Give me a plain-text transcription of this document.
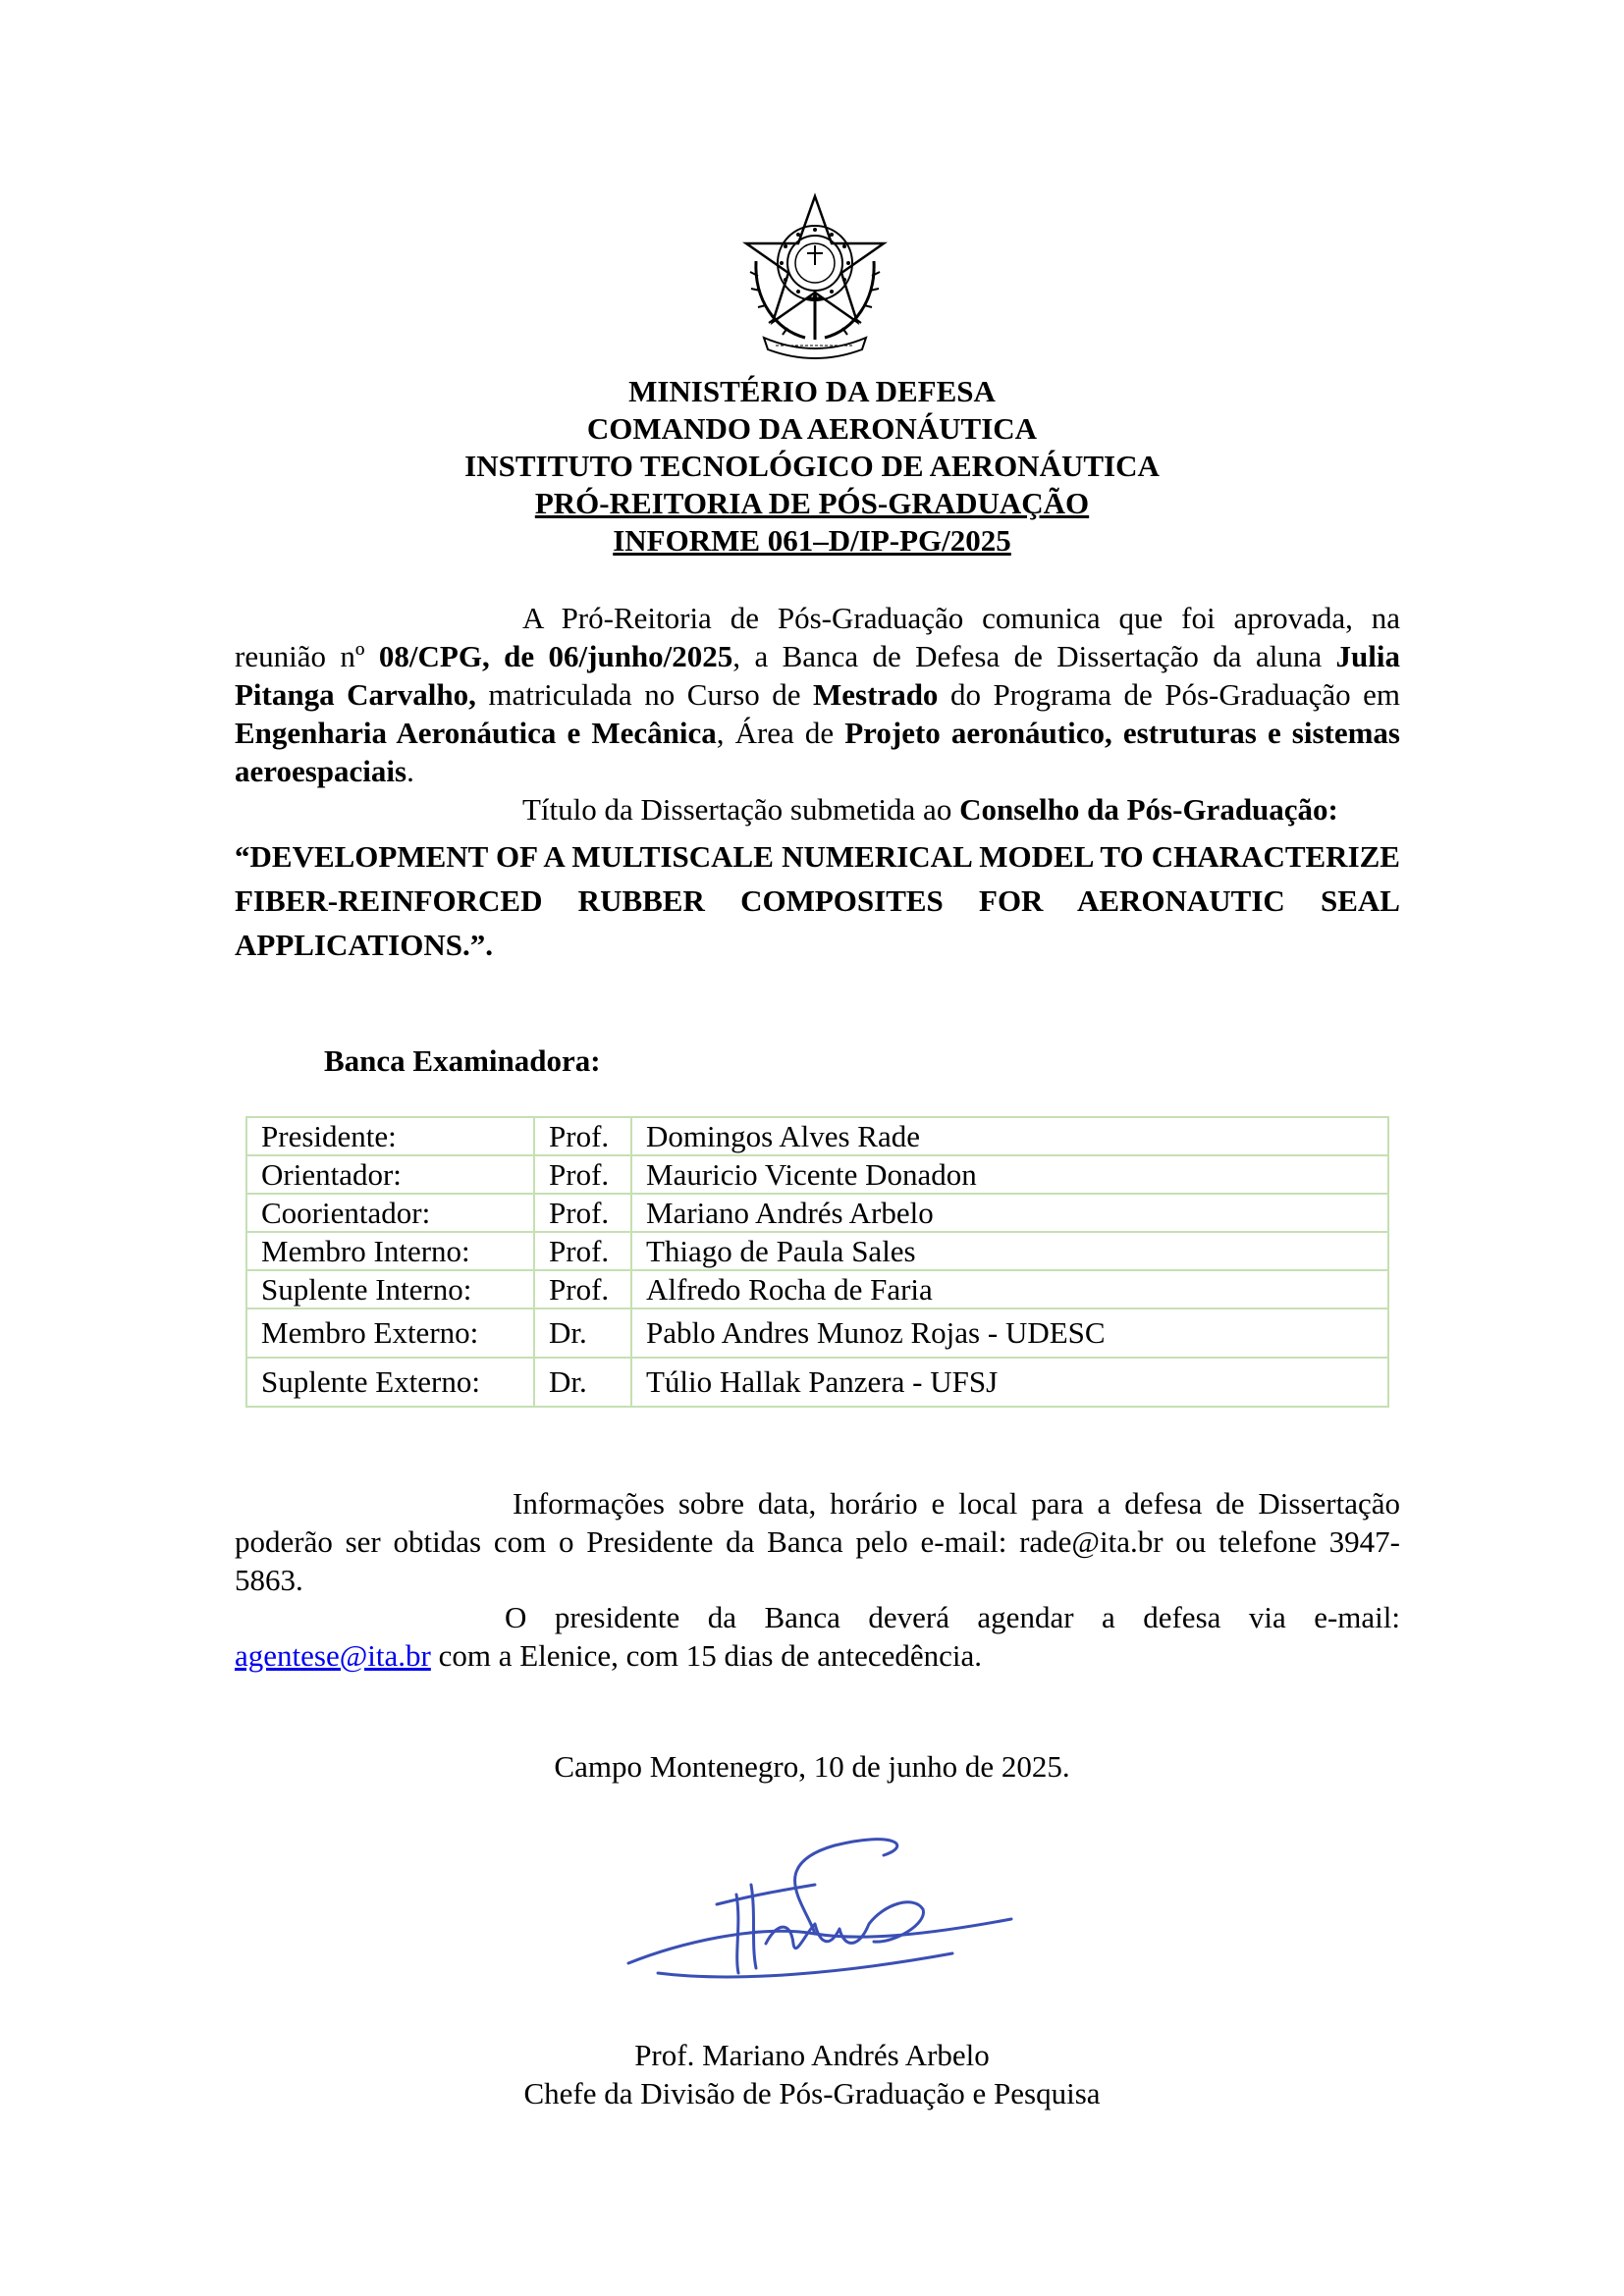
MINISTÉRIO DA DEFESA
COMANDO DA AERONÁUTICA
INSTITUTO TECNOLÓGICO DE AERONÁUTICA
PRÓ-REITORIA DE PÓS-GRADUAÇÃO
INFORME 061–D/IP-PG/2025
A Pró-Reitoria de Pós-Graduação comunica que foi aprovada, na reunião nº 08/CPG, de 06/junho/2025, a Banca de Defesa de Dissertação da aluna Julia Pitanga Carvalho, matriculada no Curso de Mestrado do Programa de Pós-Graduação em Engenharia Aeronáutica e Mecânica, Área de Projeto aeronáutico, estruturas e sistemas aeroespaciais.
Título da Dissertação submetida ao Conselho da Pós-Graduação:
“DEVELOPMENT OF A MULTISCALE NUMERICAL MODEL TO CHARACTERIZE FIBER-REINFORCED RUBBER COMPOSITES FOR AERONAUTIC SEAL APPLICATIONS.”.
Banca Examinadora:
Presidente:	Prof.	Domingos Alves Rade
Orientador:	Prof.	Mauricio Vicente Donadon
Coorientador:	Prof.	Mariano Andrés Arbelo
Membro Interno:	Prof.	Thiago de Paula Sales
Suplente Interno:	Prof.	Alfredo Rocha de Faria
Membro Externo:	Dr.	Pablo Andres Munoz Rojas - UDESC
Suplente Externo:	Dr.	Túlio Hallak Panzera - UFSJ
Informações sobre data, horário e local para a defesa de Dissertação poderão ser obtidas com o Presidente da Banca pelo e-mail: rade@ita.br ou telefone 3947-5863.
O presidente da Banca deverá agendar a defesa via e-mail: agentese@ita.br com a Elenice, com 15 dias de antecedência.
Campo Montenegro, 10 de junho de 2025.
Prof. Mariano Andrés Arbelo
Chefe da Divisão de Pós-Graduação e Pesquisa
